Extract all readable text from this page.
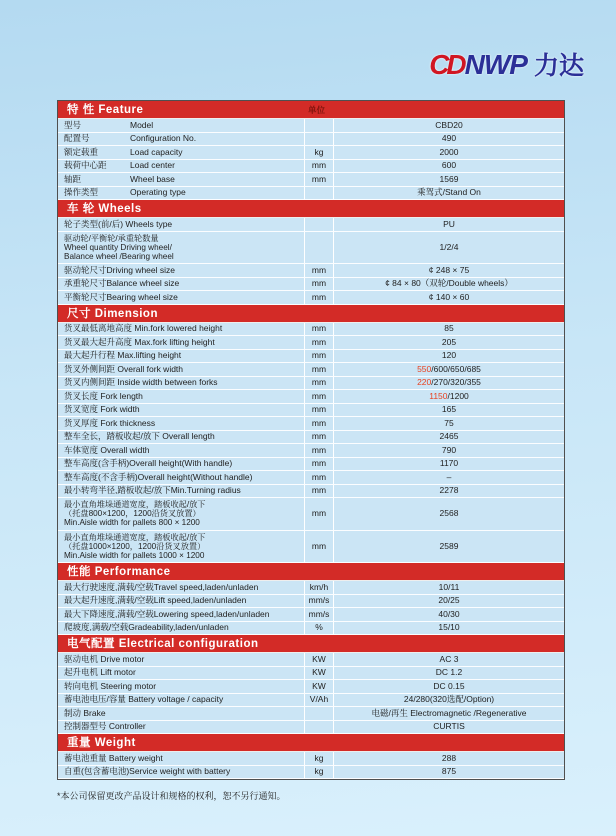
CDNWP 力达
特 性 Feature	单位
型号	Model	CBD20
配置号	Configuration No.	490
额定载重	Load capacity	kg	2000
载荷中心距	Load center	mm	600
轴距	Wheel base	mm	1569
操作类型	Operating type	乘驾式/Stand On
车 轮 Wheels
轮子类型(前/后) Wheels type	PU
驱动轮/平衡轮/承重轮数量
Wheel quantity Driving wheel/
Balance wheel /Bearing wheel
1/2/4
驱动轮尺寸Driving wheel size	mm	¢ 248 × 75
承重轮尺寸Balance wheel size	mm	¢ 84 × 80（双轮/Double wheels）
平衡轮尺寸Bearing wheel size	mm	¢ 140 × 60
尺寸 Dimension
货叉最低离地高度 Min.fork lowered height	mm	85
货叉最大起升高度 Max.fork lifting height	mm	205
最大起升行程 Max.lifting height	mm	120
货叉外侧间距 Overall fork width	mm	550 /600/650/685
货叉内侧间距 Inside width between forks	mm	220 /270/320/355
货叉长度 Fork length	mm	1150 /1200
货叉宽度 Fork width	mm	165
货叉厚度 Fork thickness	mm	75
整车全长，踏板收起/放下 Overall length	mm	2465
车体宽度 Overall width	mm	790
整车高度(含手柄)Overall height(With handle)	mm	1170
整车高度(不含手柄)Overall height(Without handle)	mm	–
最小转弯半径,踏板收起/放下Min.Turning radius	mm	2278
最小直角堆垛通道宽度，踏板收起/放下
（托盘800×1200，1200沿货叉放置）
Min.Aisle width for pallets 800 × 1200
mm	2568
最小直角堆垛通道宽度，踏板收起/放下
（托盘1000×1200，1200沿货叉放置）
Min.Aisle width for pallets 1000 × 1200
mm	2589
性能 Performance
最大行驶速度,满载/空载Travel speed,laden/unladen	km/h	10/11
最大起升速度,满载/空载Lift speed,laden/unladen	mm/s	20/25
最大下降速度,满载/空载Lowering speed,laden/unladen	mm/s	40/30
爬坡度,满载/空载Gradeability,laden/unladen	%	15/10
电气配置 Electrical configuration
驱动电机 Drive motor	KW	AC 3
起升电机 Lift motor	KW	DC 1.2
转向电机 Steering motor	KW	DC 0.15
蓄电池电压/容量 Battery voltage / capacity	V/Ah	24/280(320选配/Option)
制动 Brake	电磁/再生 Electromagnetic /Regenerative
控制器型号 Controller	CURTIS
重量 Weight
蓄电池重量 Battery weight	kg	288
自重(包含蓄电池)Service weight with battery	kg	875
*本公司保留更改产品设计和规格的权利，恕不另行通知。
